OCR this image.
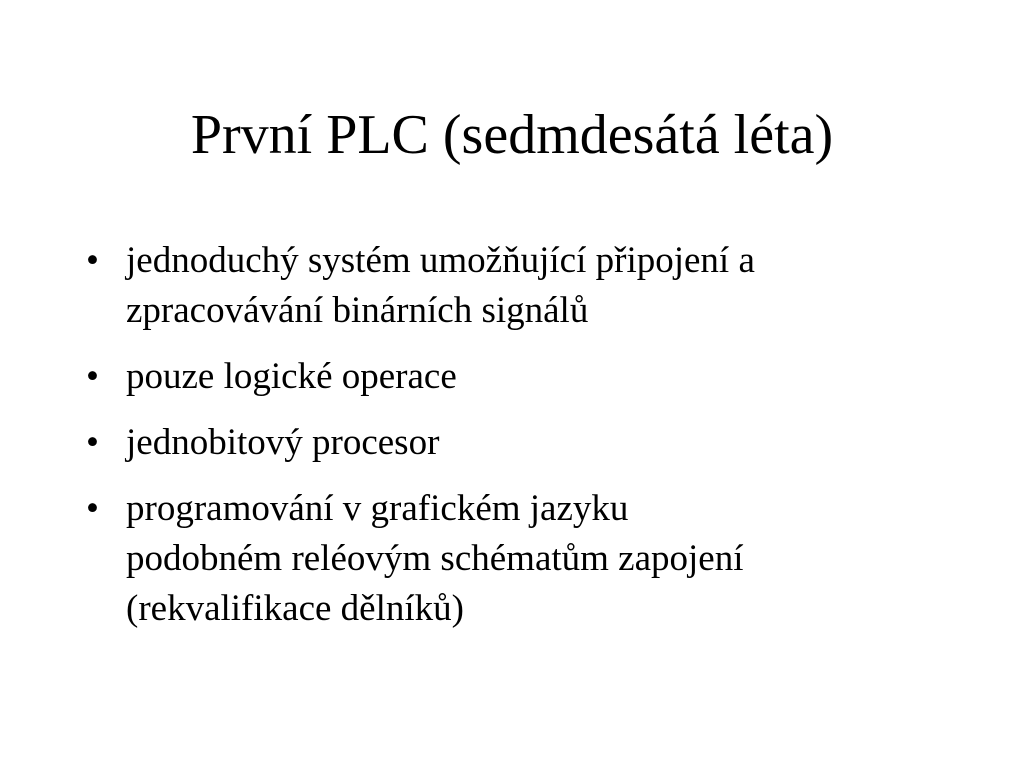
První PLC (sedmdesátá léta)
• jednoduchý systém umožňující připojení a
zpracovávání binárních signálů
• pouze logické operace
• jednobitový procesor
• programování v grafickém jazyku
podobném reléovým schématům zapojení
(rekvalifikace dělníků)
